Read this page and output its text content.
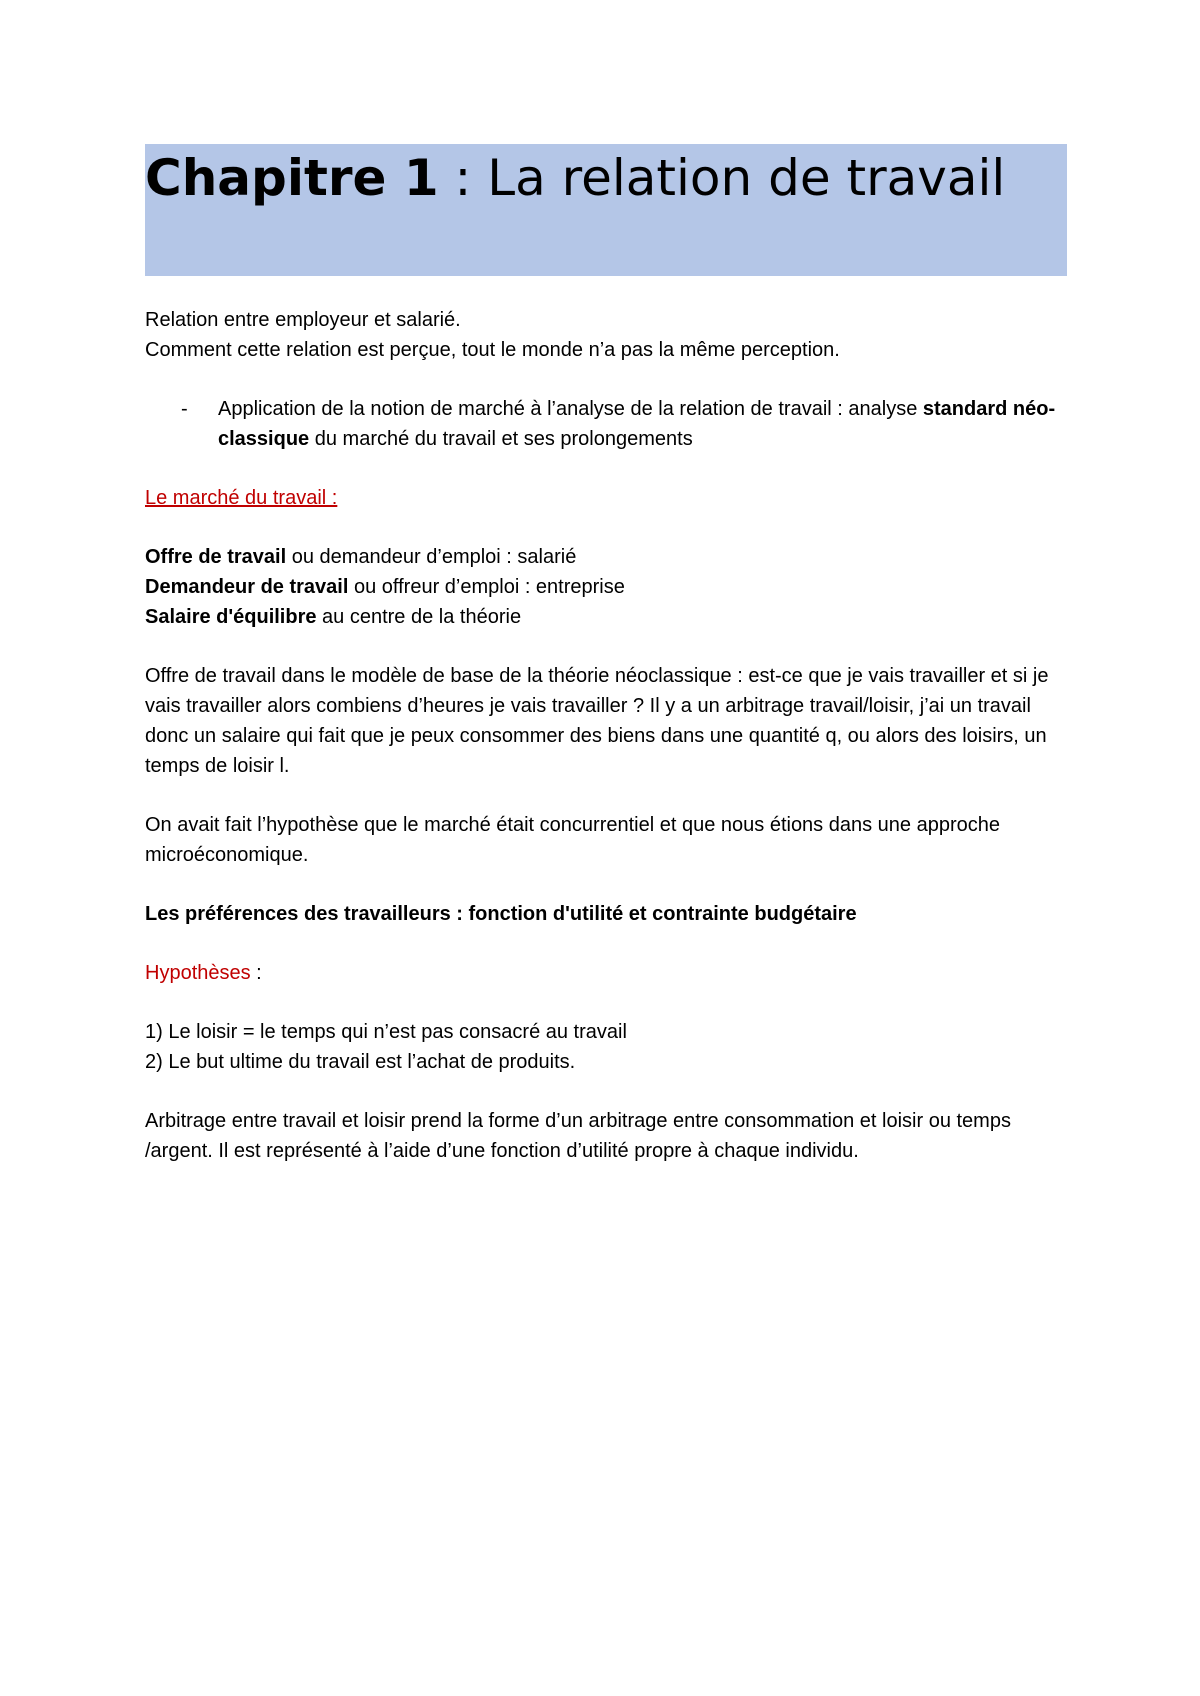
Chapitre 1 : La relation de travail

Relation entre employeur et salarié.

Comment cette relation est perçue, tout le monde n’a pas la même perception.

- Application de la notion de marché à l’analyse de la relation de travail : analyse standard néo-classique du marché du travail et ses prolongements

Le marché du travail :

Offre de travail ou demandeur d’emploi : salarié

Demandeur de travail ou offreur d’emploi : entreprise

Salaire d'équilibre au centre de la théorie

Offre de travail dans le modèle de base de la théorie néoclassique : est-ce que je vais travailler et si je vais travailler alors combiens d’heures je vais travailler ? Il y a un arbitrage travail/loisir, j’ai un travail donc un salaire qui fait que je peux consommer des biens dans une quantité q, ou alors des loisirs, un temps de loisir l.

On avait fait l’hypothèse que le marché était concurrentiel et que nous étions dans une approche microéconomique.

Les préférences des travailleurs : fonction d'utilité et contrainte budgétaire

Hypothèses :

1) Le loisir = le temps qui n’est pas consacré au travail

2) Le but ultime du travail est l’achat de produits.

Arbitrage entre travail et loisir prend la forme d’un arbitrage entre consommation et loisir ou temps /argent. Il est représenté à l’aide d’une fonction d’utilité propre à chaque individu.
